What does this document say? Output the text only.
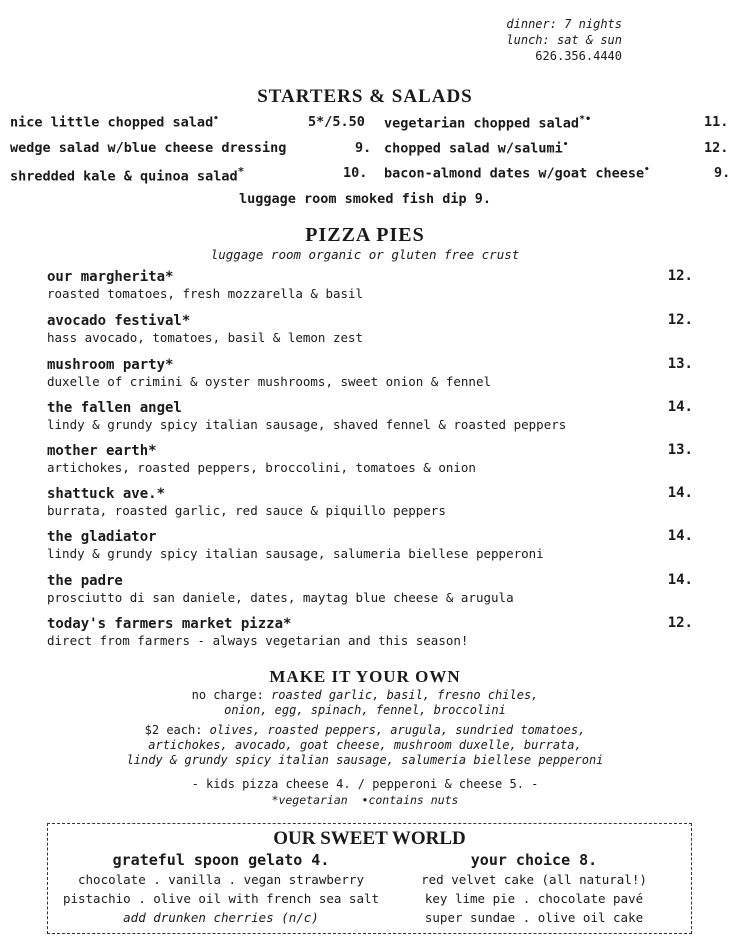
dinner: 7 nights
lunch: sat & sun
626.356.4440
STARTERS & SALADS
nice little chopped salad•	5*/5.50
wedge salad w/blue cheese dressing	9.
shredded kale & quinoa salad*	10.
vegetarian chopped salad*•	11.
chopped salad w/salumi•	12.
bacon-almond dates w/goat cheese•	9.
luggage room smoked fish dip 9.
PIZZA PIES
luggage room organic or gluten free crust
our margherita*	12.
roasted tomatoes, fresh mozzarella & basil
avocado festival*	12.
hass avocado, tomatoes, basil & lemon zest
mushroom party*	13.
duxelle of crimini & oyster mushrooms, sweet onion & fennel
the fallen angel	14.
lindy & grundy spicy italian sausage, shaved fennel & roasted peppers
mother earth*	13.
artichokes, roasted peppers, broccolini, tomatoes & onion
shattuck ave.*	14.
burrata, roasted garlic, red sauce & piquillo peppers
the gladiator	14.
lindy & grundy spicy italian sausage, salumeria biellese pepperoni
the padre	14.
prosciutto di san daniele, dates, maytag blue cheese & arugula
today's farmers market pizza*	12.
direct from farmers - always vegetarian and this season!
MAKE IT YOUR OWN
no charge: roasted garlic, basil, fresno chiles,
onion, egg, spinach, fennel, broccolini
$2 each: olives, roasted peppers, arugula, sundried tomatoes,
artichokes, avocado, goat cheese, mushroom duxelle, burrata,
lindy & grundy spicy italian sausage, salumeria biellese pepperoni
- kids pizza cheese 4. / pepperoni & cheese 5. -
*vegetarian  •contains nuts
OUR SWEET WORLD
grateful spoon gelato 4.
chocolate . vanilla . vegan strawberry
pistachio . olive oil with french sea salt
add drunken cherries (n/c)
your choice 8.
red velvet cake (all natural!)
key lime pie . chocolate pavé
super sundae . olive oil cake
